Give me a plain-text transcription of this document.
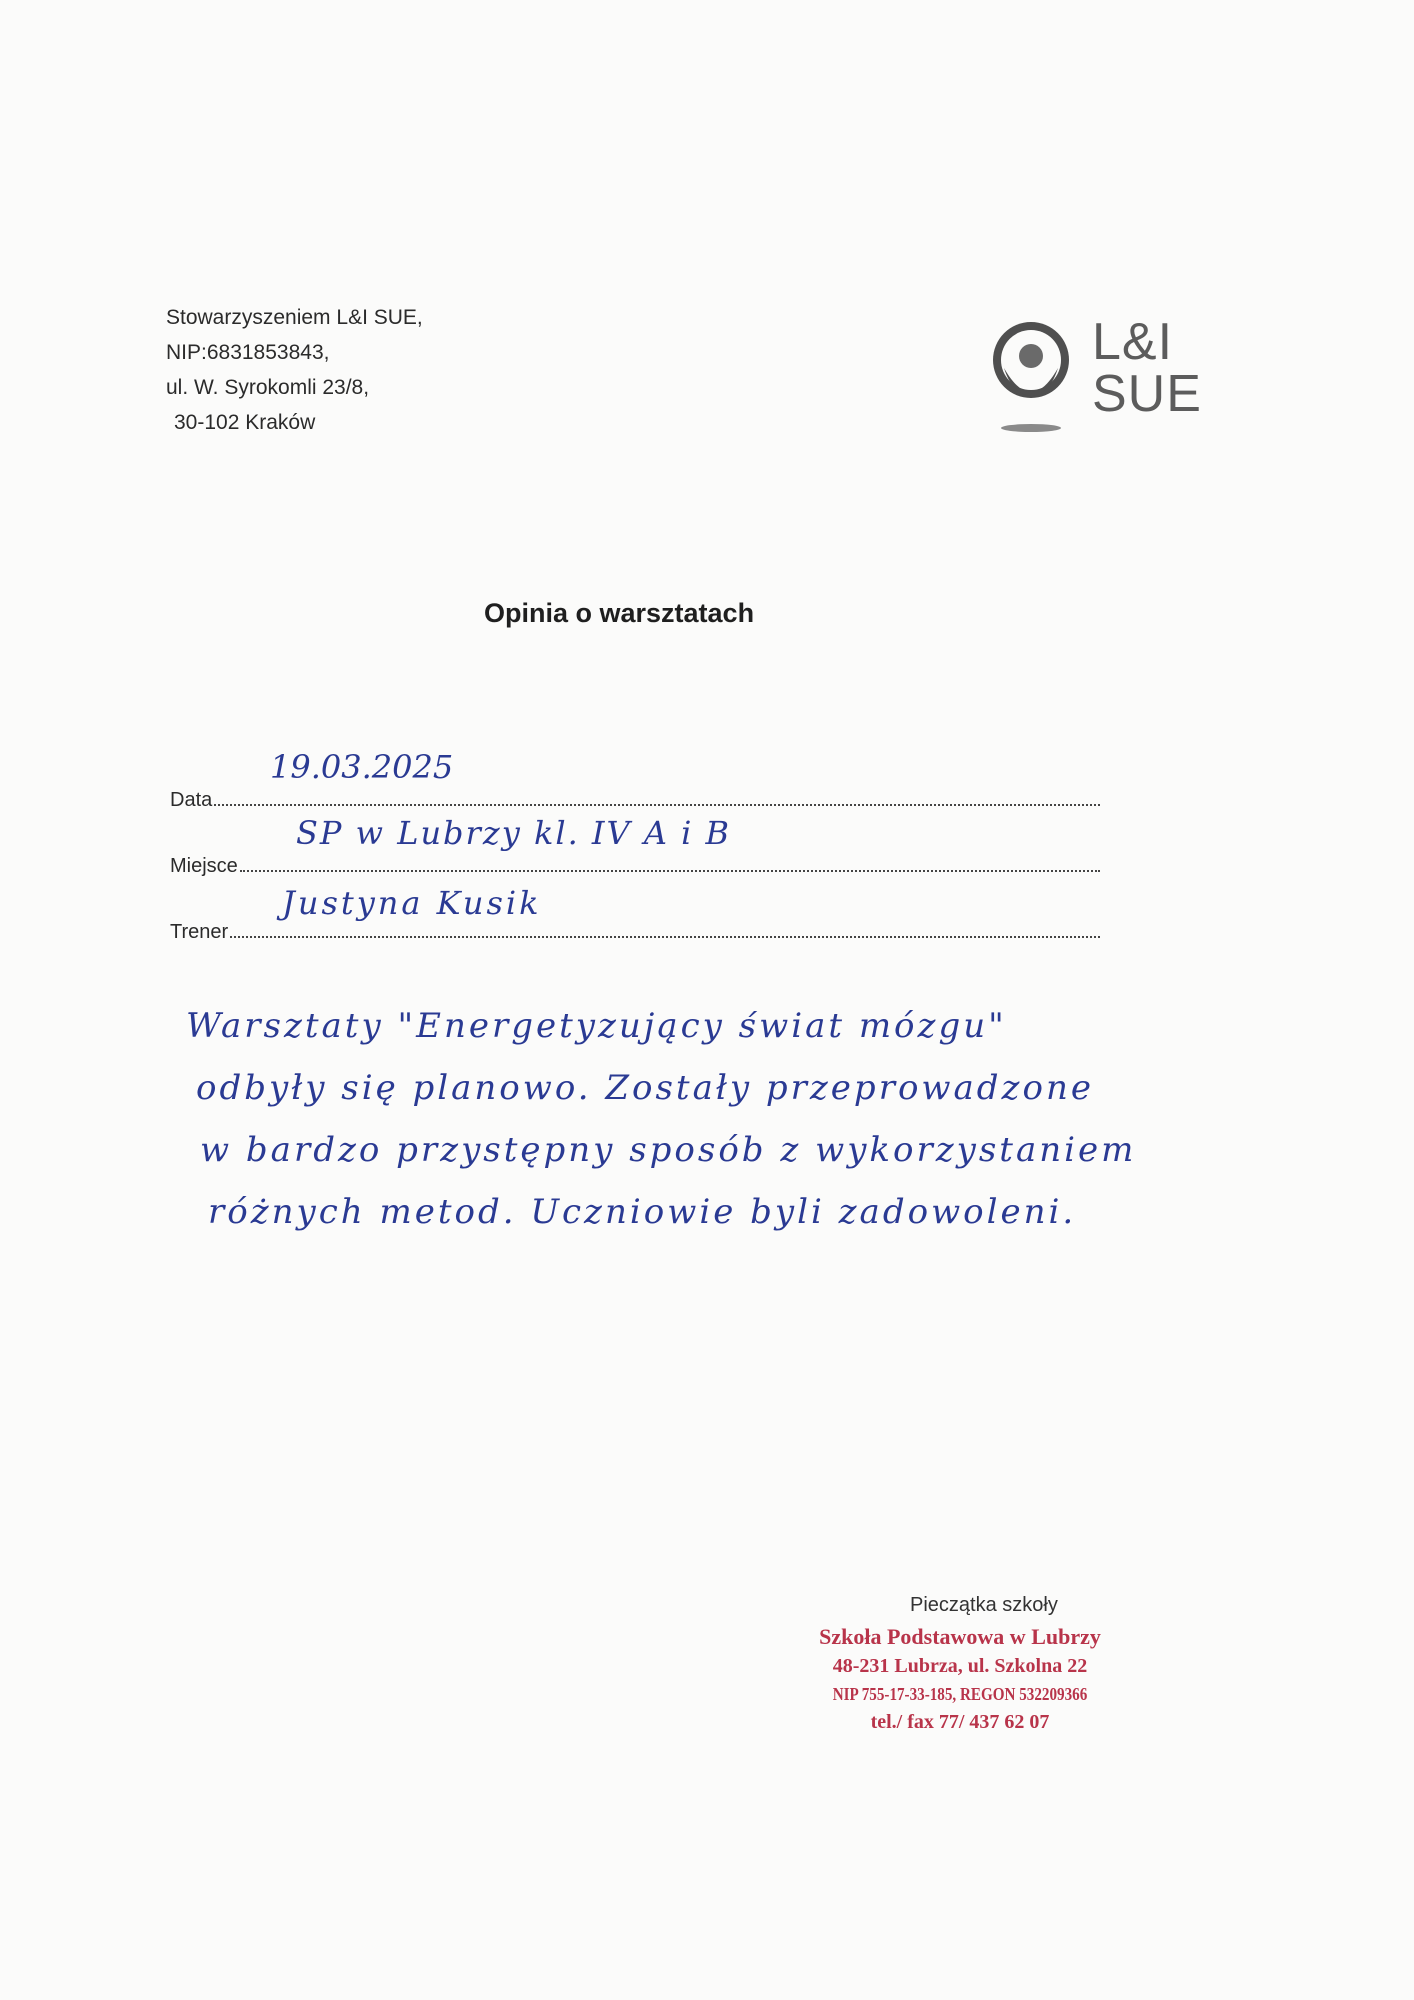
Stowarzyszeniem L&I SUE,
NIP:6831853843,
ul. W. Syrokomli 23/8,
30-102 Kraków
L&I
SUE
Opinia o warsztatach
Data
19.03.2025
Miejsce
SP w Lubrzy kl. IV A i B
Trener
Justyna Kusik
Warsztaty "Energetyzujący świat mózgu"
odbyły się planowo. Zostały przeprowadzone
w bardzo przystępny sposób z wykorzystaniem
różnych metod. Uczniowie byli zadowoleni.
Pieczątka szkoły
Szkoła Podstawowa w Lubrzy
48-231 Lubrza, ul. Szkolna 22
NIP 755-17-33-185, REGON 532209366
tel./ fax 77/ 437 62 07
